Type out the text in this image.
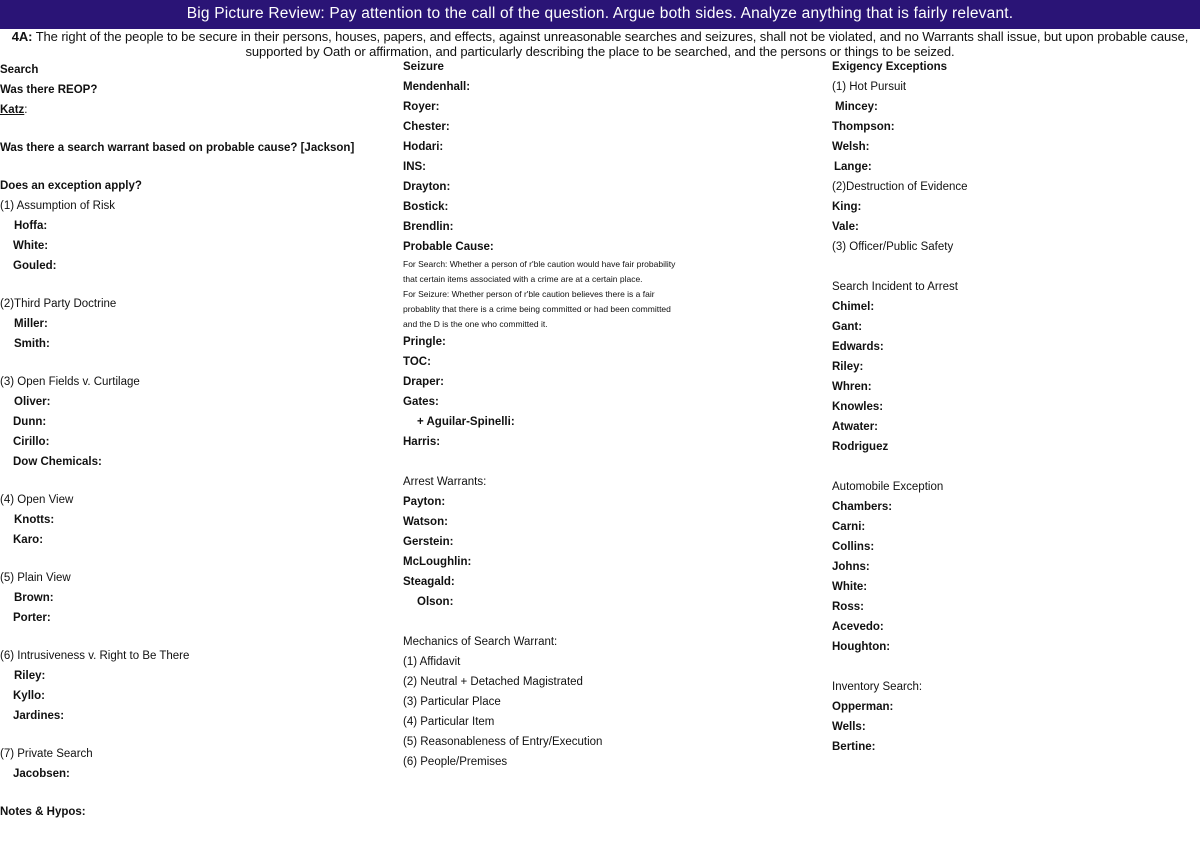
Big Picture Review: Pay attention to the call of the question. Argue both sides. Analyze anything that is fairly relevant.
4A: The right of the people to be secure in their persons, houses, papers, and effects, against unreasonable searches and seizures, shall not be violated, and no Warrants shall issue, but upon probable cause, supported by Oath or affirmation, and particularly describing the place to be searched, and the persons or things to be seized.
Search
Was there REOP?
Katz:
Was there a search warrant based on probable cause? [Jackson]
Does an exception apply?
(1) Assumption of Risk
Hoffa:
White:
Gouled:
(2)Third Party Doctrine
Miller:
Smith:
(3) Open Fields v. Curtilage
Oliver:
Dunn:
Cirillo:
Dow Chemicals:
(4) Open View
Knotts:
Karo:
(5) Plain View
Brown:
Porter:
(6) Intrusiveness v. Right to Be There
Riley:
Kyllo:
Jardines:
(7) Private Search
Jacobsen:
Notes & Hypos:
Seizure
Mendenhall:
Royer:
Chester:
Hodari:
INS:
Drayton:
Bostick:
Brendlin:
Probable Cause:
For Search: Whether a person of r'ble caution would have fair probability
that certain items associated with a crime are at a certain place.
For Seizure: Whether person of r'ble caution believes there is a fair
probablity that there is a crime being committed or had been committed
and the D is the one who committed it.
Pringle:
TOC:
Draper:
Gates:
+ Aguilar-Spinelli:
Harris:
Arrest Warrants:
Payton:
Watson:
Gerstein:
McLoughlin:
Steagald:
Olson:
Mechanics of Search Warrant:
(1) Affidavit
(2) Neutral + Detached Magistrated
(3) Particular Place
(4) Particular Item
(5) Reasonableness of Entry/Execution
(6) People/Premises
Exigency Exceptions
(1) Hot Pursuit
Mincey:
Thompson:
Welsh:
Lange:
(2)Destruction of Evidence
King:
Vale:
(3) Officer/Public Safety
Search Incident to Arrest
Chimel:
Gant:
Edwards:
Riley:
Whren:
Knowles:
Atwater:
Rodriguez
Automobile Exception
Chambers:
Carni:
Collins:
Johns:
White:
Ross:
Acevedo:
Houghton:
Inventory Search:
Opperman:
Wells:
Bertine:
